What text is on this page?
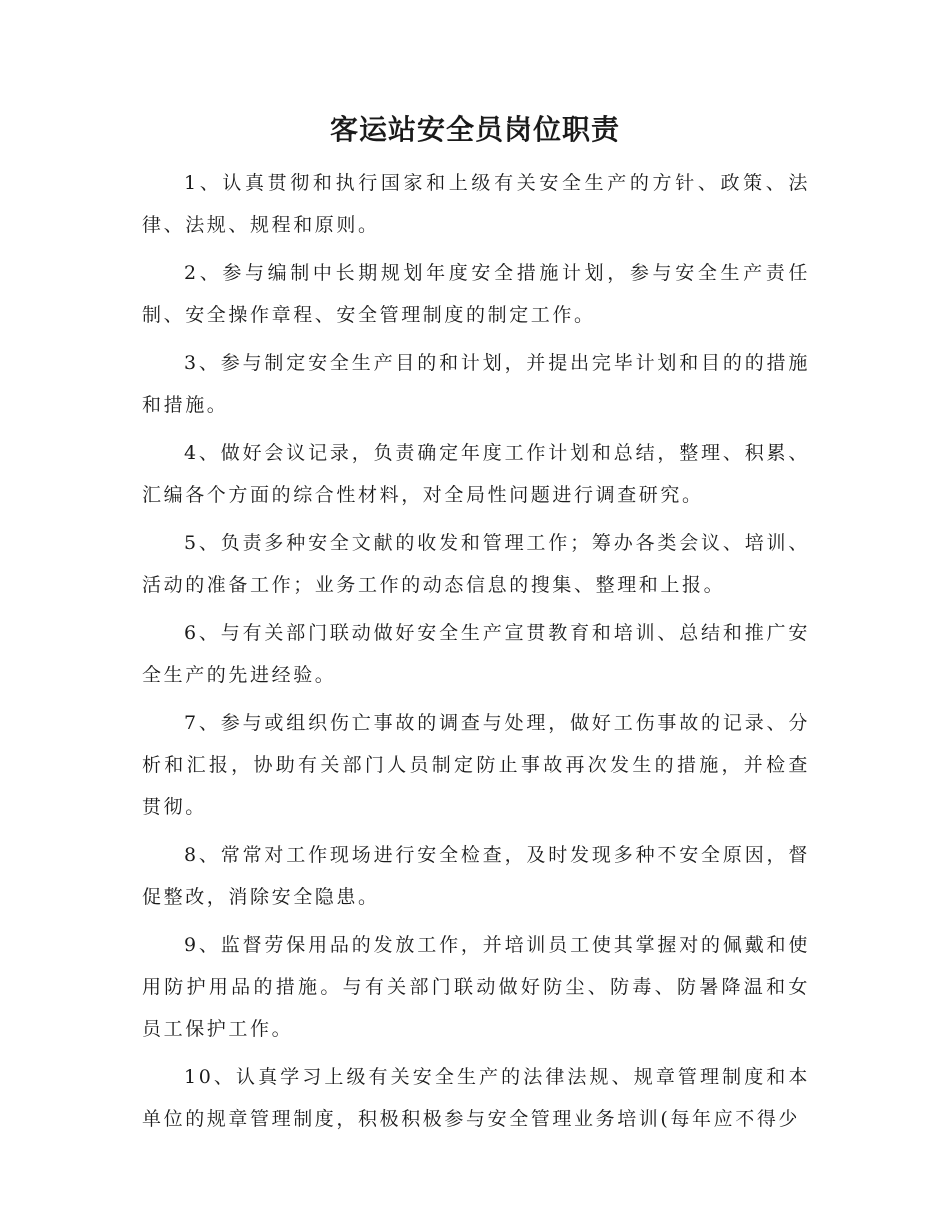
客运站安全员岗位职责

1、认真贯彻和执行国家和上级有关安全生产的方针、政策、法律、法规、规程和原则。

2、参与编制中长期规划年度安全措施计划，参与安全生产责任制、安全操作章程、安全管理制度的制定工作。

3、参与制定安全生产目的和计划，并提出完毕计划和目的的措施和措施。

4、做好会议记录，负责确定年度工作计划和总结，整理、积累、汇编各个方面的综合性材料，对全局性问题进行调查研究。

5、负责多种安全文献的收发和管理工作；筹办各类会议、培训、活动的准备工作；业务工作的动态信息的搜集、整理和上报。

6、与有关部门联动做好安全生产宣贯教育和培训、总结和推广安全生产的先进经验。

7、参与或组织伤亡事故的调查与处理，做好工伤事故的记录、分析和汇报，协助有关部门人员制定防止事故再次发生的措施，并检查贯彻。

8、常常对工作现场进行安全检查，及时发现多种不安全原因，督促整改，消除安全隐患。

9、监督劳保用品的发放工作，并培训员工使其掌握对的佩戴和使用防护用品的措施。与有关部门联动做好防尘、防毒、防暑降温和女员工保护工作。

10、认真学习上级有关安全生产的法律法规、规章管理制度和本单位的规章管理制度，积极积极参与安全管理业务培训(每年应不得少
